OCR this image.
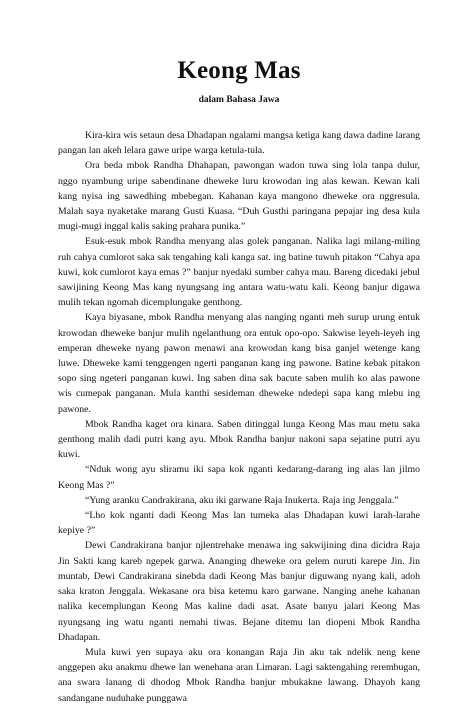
Keong Mas

dalam Bahasa Jawa

Kira-kira wis setaun desa Dhadapan ngalami mangsa ketiga kang dawa dadine larang pangan lan akeh lelara gawe uripe warga ketula-tula.

Ora beda mbok Randha Dhahapan, pawongan wadon tuwa sing lola tanpa dulur, nggo nyambung uripe sabendinane dheweke luru krowodan ing alas kewan. Kewan kali kang nyisa ing sawedhing mbebegan. Kahanan kaya mangono dheweke ora nggresula. Malah saya nyaketake marang Gusti Kuasa. “Duh Gusthi paringana pepajar ing desa kula mugi-mugi inggal kalis saking prahara punika.”

Esuk-esuk mbok Randha menyang alas golek panganan. Nalika lagi milang-miling ruh cahya cumlorot saka sak tengahing kali kanga sat. ing batine tuwuh pitakon “Cahya apa kuwi, kok cumlorot kaya emas ?” banjur nyedaki sumber cahya mau. Bareng dicedaki jebul sawijining Keong Mas kang nyungsang ing antara watu-watu kali. Keong banjur digawa mulih tekan ngomah dicemplungake genthong.

Kaya biyasane, mbok Randha menyang alas nanging nganti meh surup urung entuk krowodan dheweke banjur mulih ngelanthung ora entuk opo-opo. Sakwise leyeh-leyeh ing emperan dheweke nyang pawon menawi ana krowodan kang bisa ganjel wetenge kang luwe. Dheweke kami tenggengen ngerti panganan kang ing pawone. Batine kebak pitakon sopo sing ngeteri panganan kuwi. Ing saben dina sak bacute saben mulih ko alas pawone wis cumepak panganan. Mula kanthi sesideman dheweke ndedepi sapa kang mlebu ing pawone.

Mbok Randha kaget ora kinara. Saben ditinggal lunga Keong Mas mau metu saka genthong malih dadi putri kang ayu. Mbok Randha banjur nakoni sapa sejatine putri ayu kuwi.

“Nduk wong ayu sliramu iki sapa kok nganti kedarang-darang ing alas lan jilmo Keong Mas ?”

“Yung aranku Candrakirana, aku iki garwane Raja Inukerta. Raja ing Jenggala.”

“Lho kok nganti dadi Keong Mas lan tumeka alas Dhadapan kuwi larah-larahe kepiye ?”

Dewi Candrakirana banjur njlentrehake menawa ing sakwijining dina dicidra Raja Jin Sakti kang kareb ngepek garwa. Ananging dheweke ora gelem nuruti karepe Jin. Jin muntab, Dewi Candrakirana sinebda dadi Keong Mas banjur diguwang nyang kali, adoh saka kraton Jenggala. Wekasane ora bisa ketemu karo garwane. Nanging anehe kahanan nalika kecemplungan Keong Mas kaline dadi asat. Asate banyu jalari Keong Mas nyungsang ing watu nganti nemahi tiwas. Bejane ditemu lan diopeni Mbok Randha Dhadapan.

Mula kuwi yen supaya aku ora konangan Raja Jin aku tak ndelik neng kene anggepen aku anakmu dhewe lan wenehana aran Limaran. Lagi saktengahing rerembugan, ana swara lanang di dhodog Mbok Randha banjur mbukakne lawang. Dhayoh kang sandangane nuduhake punggawa
